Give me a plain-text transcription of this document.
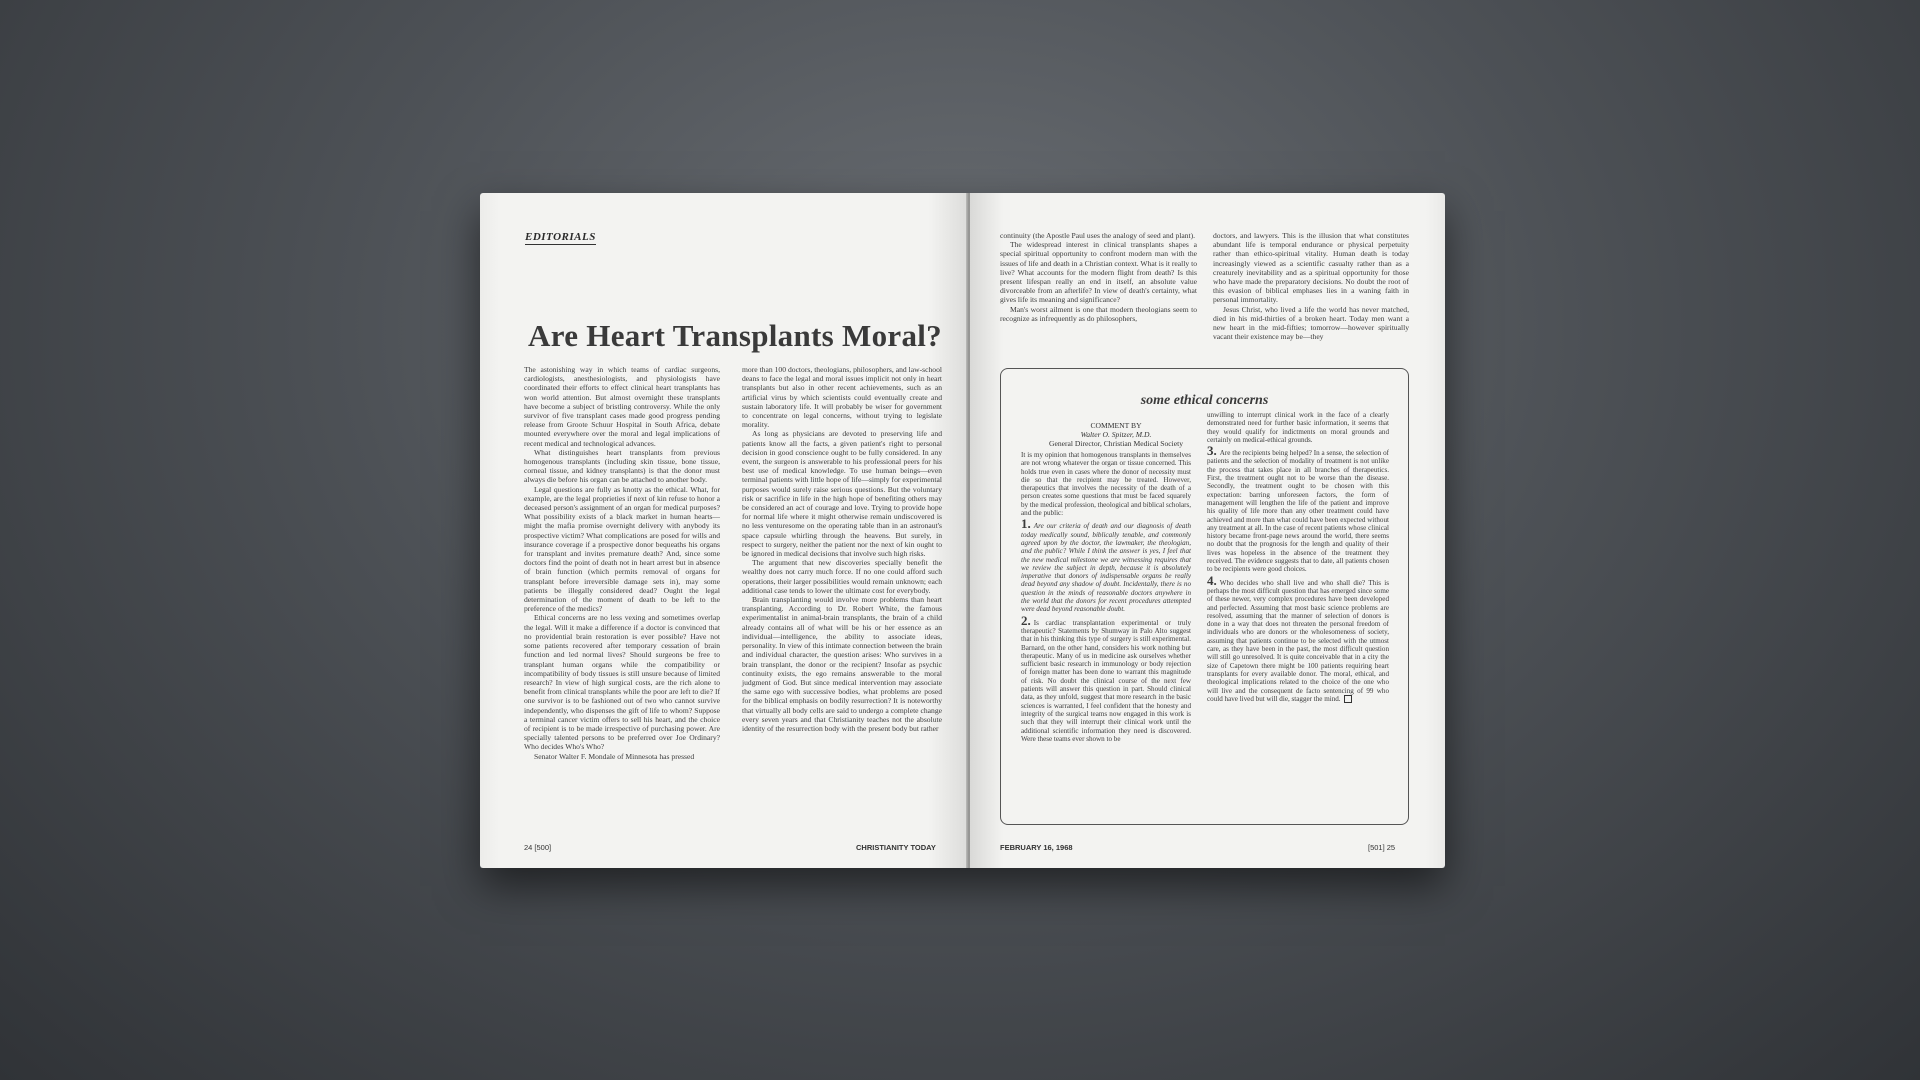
EDITORIALS
Are Heart Transplants Moral?

The astonishing way in which teams of cardiac surgeons, cardiologists, anesthesiologists, and physiologists have coordinated their efforts to effect clinical heart transplants has won world attention. But almost overnight these transplants have become a subject of bristling controversy. While the only survivor of five transplant cases made good progress pending release from Groote Schuur Hospital in South Africa, debate mounted everywhere over the moral and legal implications of recent medical and technological advances.

What distinguishes heart transplants from previous homogenous transplants (including skin tissue, bone tissue, corneal tissue, and kidney transplants) is that the donor must always die before his organ can be attached to another body.

Legal questions are fully as knotty as the ethical. What, for example, are the legal proprieties if next of kin refuse to honor a deceased person's assignment of an organ for medical purposes? What possibility exists of a black market in human hearts—might the mafia promise overnight delivery with anybody its prospective victim? What complications are posed for wills and insurance coverage if a prospective donor bequeaths his organs for transplant and invites premature death? And, since some doctors find the point of death not in heart arrest but in absence of brain function (which permits removal of organs for transplant before irreversible damage sets in), may some patients be illegally considered dead? Ought the legal determination of the moment of death to be left to the preference of the medics?

Ethical concerns are no less vexing and sometimes overlap the legal. Will it make a difference if a doctor is convinced that no providential brain restoration is ever possible? Have not some patients recovered after temporary cessation of brain function and led normal lives? Should surgeons be free to transplant human organs while the compatibility or incompatibility of body tissues is still unsure because of limited research? In view of high surgical costs, are the rich alone to benefit from clinical transplants while the poor are left to die? If one survivor is to be fashioned out of two who cannot survive independently, who dispenses the gift of life to whom? Suppose a terminal cancer victim offers to sell his heart, and the choice of recipient is to be made irrespective of purchasing power. Are specially talented persons to be preferred over Joe Ordinary? Who decides Who's Who?

Senator Walter F. Mondale of Minnesota has pressed

more than 100 doctors, theologians, philosophers, and law-school deans to face the legal and moral issues implicit not only in heart transplants but also in other recent achievements, such as an artificial virus by which scientists could eventually create and sustain laboratory life. It will probably be wiser for government to concentrate on legal concerns, without trying to legislate morality.

As long as physicians are devoted to preserving life and patients know all the facts, a given patient's right to personal decision in good conscience ought to be fully considered. In any event, the surgeon is answerable to his professional peers for his best use of medical knowledge. To use human beings—even terminal patients with little hope of life—simply for experimental purposes would surely raise serious questions. But the voluntary risk or sacrifice in life in the high hope of benefiting others may be considered an act of courage and love. Trying to provide hope for normal life where it might otherwise remain undiscovered is no less venturesome on the operating table than in an astronaut's space capsule whirling through the heavens. But surely, in respect to surgery, neither the patient nor the next of kin ought to be ignored in medical decisions that involve such high risks.

The argument that new discoveries specially benefit the wealthy does not carry much force. If no one could afford such operations, their larger possibilities would remain unknown; each additional case tends to lower the ultimate cost for everybody.

Brain transplanting would involve more problems than heart transplanting. According to Dr. Robert White, the famous experimentalist in animal-brain transplants, the brain of a child already contains all of what will be his or her essence as an individual—intelligence, the ability to associate ideas, personality. In view of this intimate connection between the brain and individual character, the question arises: Who survives in a brain transplant, the donor or the recipient? Insofar as psychic continuity exists, the ego remains answerable to the moral judgment of God. But since medical intervention may associate the same ego with successive bodies, what problems are posed for the biblical emphasis on bodily resurrection? It is noteworthy that virtually all body cells are said to undergo a complete change every seven years and that Christianity teaches not the absolute identity of the resurrection body with the present body but rather

24 [500]	CHRISTIANITY TODAY

continuity (the Apostle Paul uses the analogy of seed and plant).

The widespread interest in clinical transplants shapes a special spiritual opportunity to confront modern man with the issues of life and death in a Christian context. What is it really to live? What accounts for the modern flight from death? Is this present lifespan really an end in itself, an absolute value divorceable from an afterlife? In view of death's certainty, what gives life its meaning and significance?

Man's worst ailment is one that modern theologians seem to recognize as infrequently as do philosophers,

doctors, and lawyers. This is the illusion that what constitutes abundant life is temporal endurance or physical perpetuity rather than ethico-spiritual vitality. Human death is today increasingly viewed as a scientific casualty rather than as a creaturely inevitability and as a spiritual opportunity for those who have made the preparatory decisions. No doubt the root of this evasion of biblical emphases lies in a waning faith in personal immortality.

Jesus Christ, who lived a life the world has never matched, died in his mid-thirties of a broken heart. Today men want a new heart in the mid-fifties; tomorrow—however spiritually vacant their existence may be—they

some ethical concerns
COMMENT BY
Walter O. Spitzer, M.D.
General Director, Christian Medical Society

It is my opinion that homogenous transplants in themselves are not wrong whatever the organ or tissue concerned. This holds true even in cases where the donor of necessity must die so that the recipient may be treated. However, therapeutics that involves the necessity of the death of a person creates some questions that must be faced squarely by the medical profession, theological and biblical scholars, and the public:

1. Are our criteria of death and our diagnosis of death today medically sound, biblically tenable, and commonly agreed upon by the doctor, the lawmaker, the theologian, and the public? While I think the answer is yes, I feel that the new medical milestone we are witnessing requires that we review the subject in depth, because it is absolutely imperative that donors of indispensable organs be really dead beyond any shadow of doubt. Incidentally, there is no question in the minds of reasonable doctors anywhere in the world that the donors for recent procedures attempted were dead beyond reasonable doubt.

2. Is cardiac transplantation experimental or truly therapeutic? Statements by Shumway in Palo Alto suggest that in his thinking this type of surgery is still experimental. Barnard, on the other hand, considers his work nothing but therapeutic. Many of us in medicine ask ourselves whether sufficient basic research in immunology or body rejection of foreign matter has been done to warrant this magnitude of risk. No doubt the clinical course of the next few patients will answer this question in part. Should clinical data, as they unfold, suggest that more research in the basic sciences is warranted, I feel confident that the honesty and integrity of the surgical teams now engaged in this work is such that they will interrupt their clinical work until the additional scientific information they need is discovered. Were these teams ever shown to be

unwilling to interrupt clinical work in the face of a clearly demonstrated need for further basic information, it seems that they would qualify for indictments on moral grounds and certainly on medical-ethical grounds.

3. Are the recipients being helped? In a sense, the selection of patients and the selection of modality of treatment is not unlike the process that takes place in all branches of therapeutics. First, the treatment ought not to be worse than the disease. Secondly, the treatment ought to be chosen with this expectation: barring unforeseen factors, the form of management will lengthen the life of the patient and improve his quality of life more than any other treatment could have achieved and more than what could have been expected without any treatment at all. In the case of recent patients whose clinical history became front-page news around the world, there seems no doubt that the prognosis for the length and quality of their lives was hopeless in the absence of the treatment they received. The evidence suggests that to date, all patients chosen to be recipients were good choices.

4. Who decides who shall live and who shall die? This is perhaps the most difficult question that has emerged since some of these newer, very complex procedures have been developed and perfected. Assuming that most basic science problems are resolved, assuming that the manner of selection of donors is done in a way that does not threaten the personal freedom of individuals who are donors or the wholesomeness of society, assuming that patients continue to be selected with the utmost care, as they have been in the past, the most difficult question will still go unresolved. It is quite conceivable that in a city the size of Capetown there might be 100 patients requiring heart transplants for every available donor. The moral, ethical, and theological implications related to the choice of the one who will live and the consequent de facto sentencing of 99 who could have lived but will die, stagger the mind.

FEBRUARY 16, 1968	[501] 25
